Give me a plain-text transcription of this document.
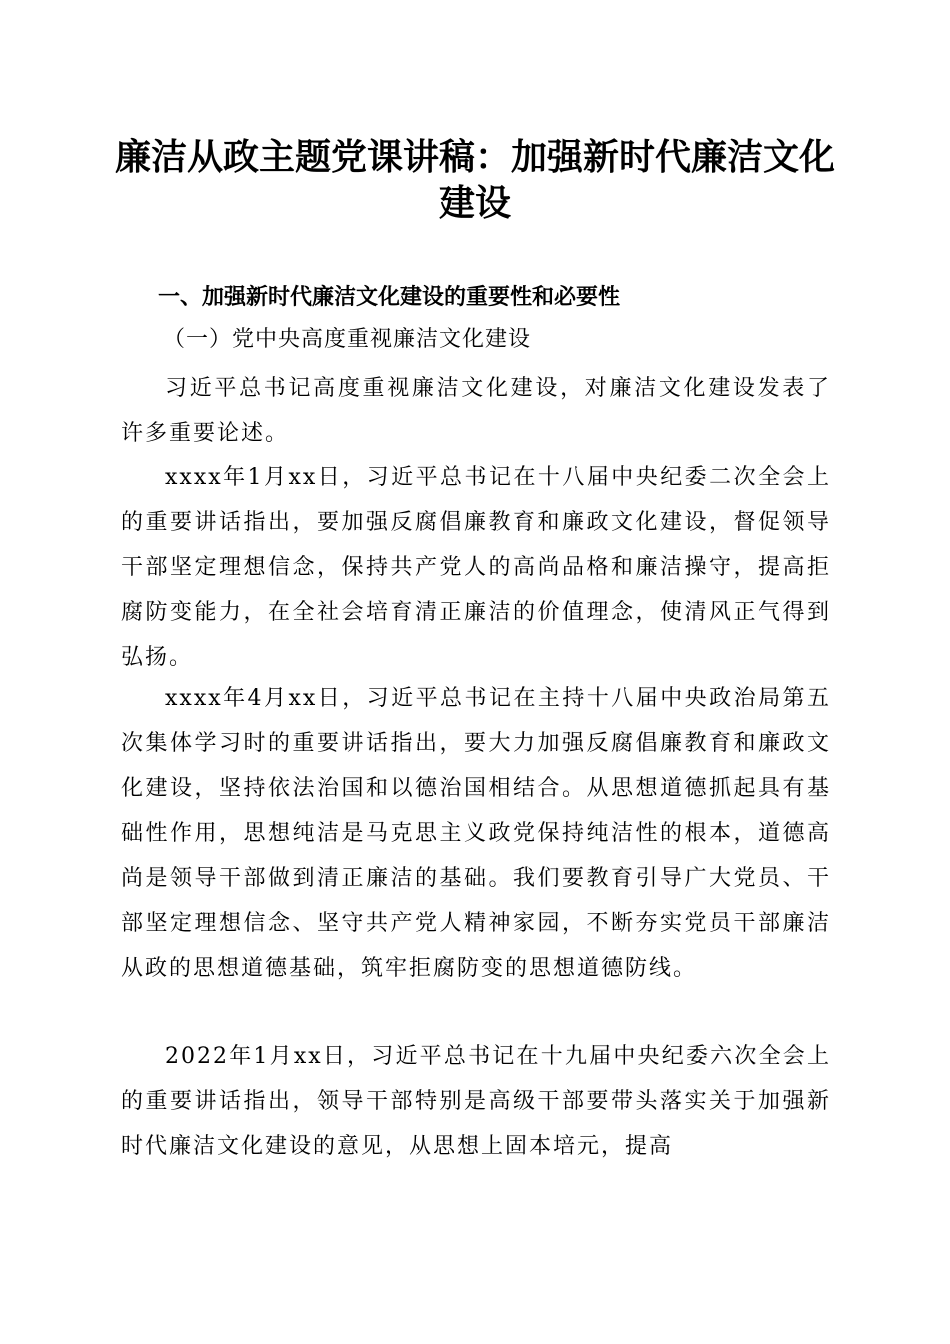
廉洁从政主题党课讲稿：加强新时代廉洁文化建设

一、加强新时代廉洁文化建设的重要性和必要性

（一）党中央高度重视廉洁文化建设

习近平总书记高度重视廉洁文化建设，对廉洁文化建设发表了许多重要论述。

xxxx年1月xx日，习近平总书记在十八届中央纪委二次全会上的重要讲话指出，要加强反腐倡廉教育和廉政文化建设，督促领导干部坚定理想信念，保持共产党人的高尚品格和廉洁操守，提高拒腐防变能力，在全社会培育清正廉洁的价值理念，使清风正气得到弘扬。

xxxx年4月xx日，习近平总书记在主持十八届中央政治局第五次集体学习时的重要讲话指出，要大力加强反腐倡廉教育和廉政文化建设，坚持依法治国和以德治国相结合。从思想道德抓起具有基础性作用，思想纯洁是马克思主义政党保持纯洁性的根本，道德高尚是领导干部做到清正廉洁的基础。我们要教育引导广大党员、干部坚定理想信念、坚守共产党人精神家园，不断夯实党员干部廉洁从政的思想道德基础，筑牢拒腐防变的思想道德防线。

2022年1月xx日，习近平总书记在十九届中央纪委六次全会上的重要讲话指出，领导干部特别是高级干部要带头落实关于加强新时代廉洁文化建设的意见，从思想上固本培元，提高
